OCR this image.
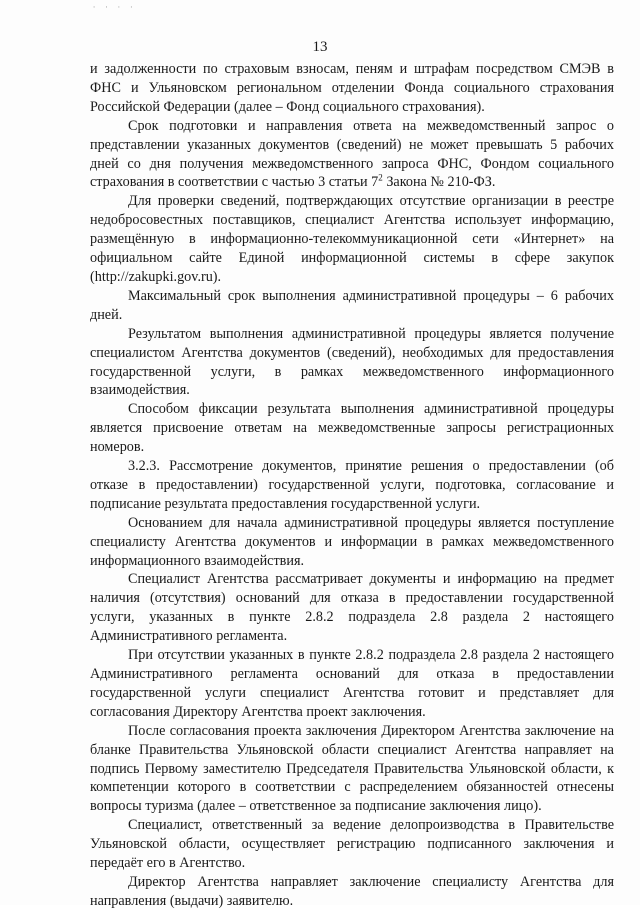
· · · ·
13

и задолженности по страховым взносам, пеням и штрафам посредством СМЭВ в ФНС и Ульяновском региональном отделении Фонда социального страхования Российской Федерации (далее – Фонд социального страхования).

Срок подготовки и направления ответа на межведомственный запрос о представлении указанных документов (сведений) не может превышать 5 рабочих дней со дня получения межведомственного запроса ФНС, Фондом социального страхования в соответствии с частью 3 статьи $7^2$ Закона № 210-ФЗ.

Для проверки сведений, подтверждающих отсутствие организации в реестре недобросовестных поставщиков, специалист Агентства использует информацию, размещённую в информационно-телекоммуникационной сети «Интернет» на официальном сайте Единой информационной системы в сфере закупок (http://zakupki.gov.ru).

Максимальный срок выполнения административной процедуры – 6 рабочих дней.

Результатом выполнения административной процедуры является получение специалистом Агентства документов (сведений), необходимых для предоставления государственной услуги, в рамках межведомственного информационного взаимодействия.

Способом фиксации результата выполнения административной процедуры является присвоение ответам на межведомственные запросы регистрационных номеров.

3.2.3. Рассмотрение документов, принятие решения о предоставлении (об отказе в предоставлении) государственной услуги, подготовка, согласование и подписание результата предоставления государственной услуги.

Основанием для начала административной процедуры является поступление специалисту Агентства документов и информации в рамках межведомственного информационного взаимодействия.

Специалист Агентства рассматривает документы и информацию на предмет наличия (отсутствия) оснований для отказа в предоставлении государственной услуги, указанных в пункте 2.8.2 подраздела 2.8 раздела 2 настоящего Административного регламента.

При отсутствии указанных в пункте 2.8.2 подраздела 2.8 раздела 2 настоящего Административного регламента оснований для отказа в предоставлении государственной услуги специалист Агентства готовит и представляет для согласования Директору Агентства проект заключения.

После согласования проекта заключения Директором Агентства заключение на бланке Правительства Ульяновской области специалист Агентства направляет на подпись Первому заместителю Председателя Правительства Ульяновской области, к компетенции которого в соответствии с распределением обязанностей отнесены вопросы туризма (далее – ответственное за подписание заключения лицо).

Специалист, ответственный за ведение делопроизводства в Правительстве Ульяновской области, осуществляет регистрацию подписанного заключения и передаёт его в Агентство.

Директор Агентства направляет заключение специалисту Агентства для направления (выдачи) заявителю.
